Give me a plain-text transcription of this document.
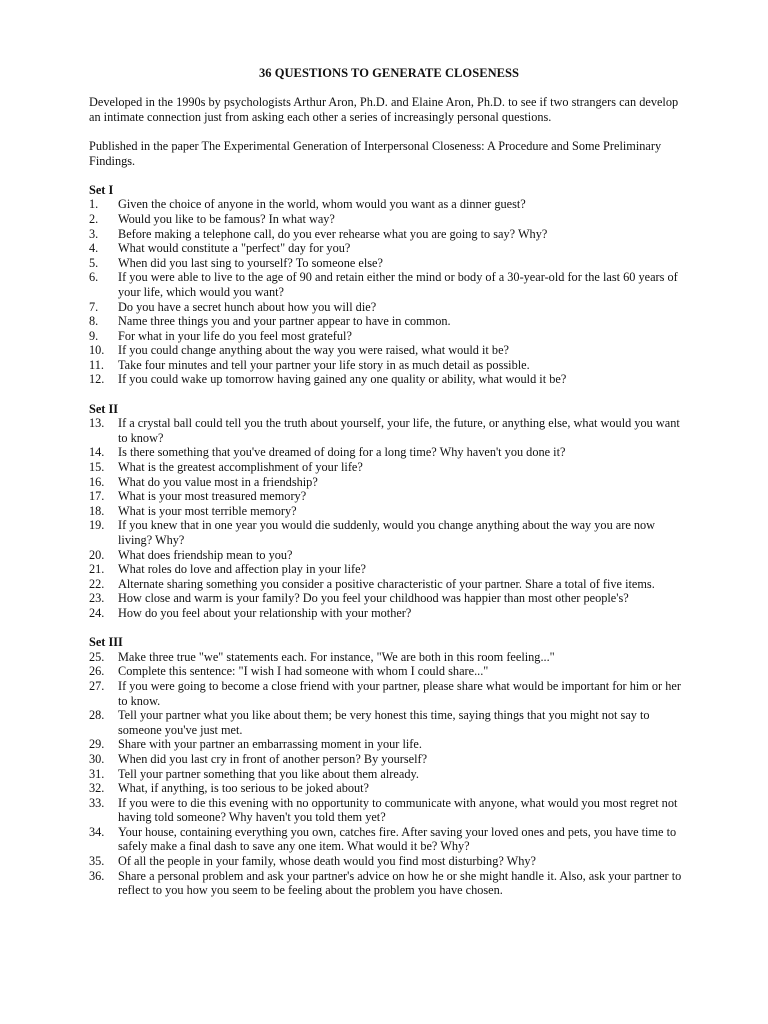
36 QUESTIONS TO GENERATE CLOSENESS

Developed in the 1990s by psychologists Arthur Aron, Ph.D. and Elaine Aron, Ph.D. to see if two strangers can develop an intimate connection just from asking each other a series of increasingly personal questions.

Published in the paper The Experimental Generation of Interpersonal Closeness: A Procedure and Some Preliminary Findings.

Set I
1.	Given the choice of anyone in the world, whom would you want as a dinner guest?
2.	Would you like to be famous? In what way?
3.	Before making a telephone call, do you ever rehearse what you are going to say? Why?
4.	What would constitute a "perfect" day for you?
5.	When did you last sing to yourself? To someone else?
6.	If you were able to live to the age of 90 and retain either the mind or body of a 30-year-old for the last 60 years of your life, which would you want?
7.	Do you have a secret hunch about how you will die?
8.	Name three things you and your partner appear to have in common.
9.	For what in your life do you feel most grateful?
10.	If you could change anything about the way you were raised, what would it be?
11.	Take four minutes and tell your partner your life story in as much detail as possible.
12.	If you could wake up tomorrow having gained any one quality or ability, what would it be?
Set II
13.	If a crystal ball could tell you the truth about yourself, your life, the future, or anything else, what would you want to know?
14.	Is there something that you've dreamed of doing for a long time? Why haven't you done it?
15.	What is the greatest accomplishment of your life?
16.	What do you value most in a friendship?
17.	What is your most treasured memory?
18.	What is your most terrible memory?
19.	If you knew that in one year you would die suddenly, would you change anything about the way you are now living? Why?
20.	What does friendship mean to you?
21.	What roles do love and affection play in your life?
22.	Alternate sharing something you consider a positive characteristic of your partner. Share a total of five items.
23.	How close and warm is your family? Do you feel your childhood was happier than most other people's?
24.	How do you feel about your relationship with your mother?
Set III
25.	Make three true "we" statements each. For instance, "We are both in this room feeling..."
26.	Complete this sentence: "I wish I had someone with whom I could share..."
27.	If you were going to become a close friend with your partner, please share what would be important for him or her to know.
28.	Tell your partner what you like about them; be very honest this time, saying things that you might not say to someone you've just met.
29.	Share with your partner an embarrassing moment in your life.
30.	When did you last cry in front of another person? By yourself?
31.	Tell your partner something that you like about them already.
32.	What, if anything, is too serious to be joked about?
33.	If you were to die this evening with no opportunity to communicate with anyone, what would you most regret not having told someone? Why haven't you told them yet?
34.	Your house, containing everything you own, catches fire. After saving your loved ones and pets, you have time to safely make a final dash to save any one item. What would it be? Why?
35.	Of all the people in your family, whose death would you find most disturbing? Why?
36.	Share a personal problem and ask your partner's advice on how he or she might handle it. Also, ask your partner to reflect to you how you seem to be feeling about the problem you have chosen.
